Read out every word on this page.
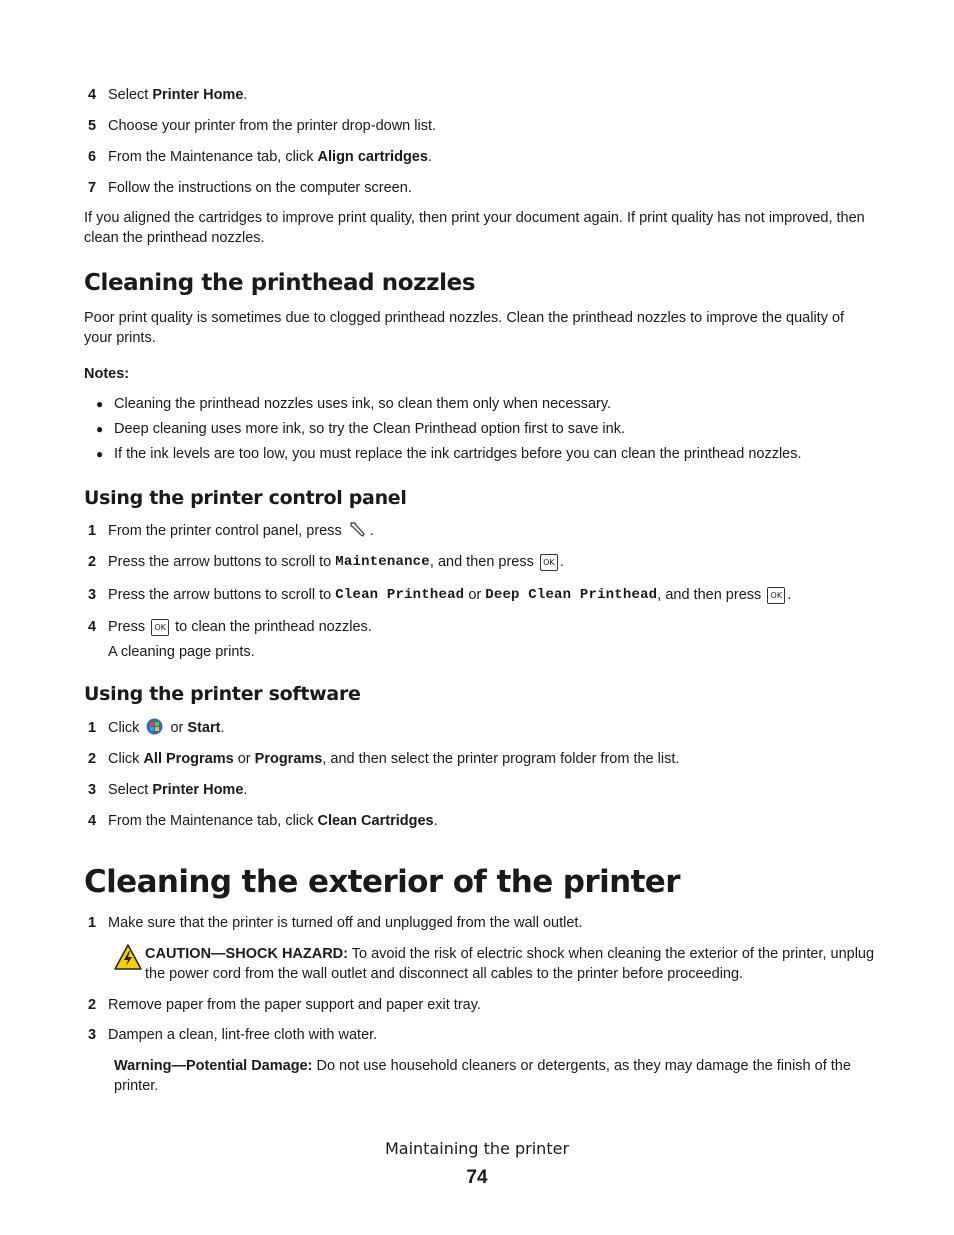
4 Select Printer Home .
5 Choose your printer from the printer drop-down list.
6 From the Maintenance tab, click Align cartridges .
7 Follow the instructions on the computer screen.
If you aligned the cartridges to improve print quality, then print your document again. If print quality has not improved, then clean the printhead nozzles.
Cleaning the printhead nozzles
Poor print quality is sometimes due to clogged printhead nozzles. Clean the printhead nozzles to improve the quality of your prints.
Notes:
● Cleaning the printhead nozzles uses ink, so clean them only when necessary.
● Deep cleaning uses more ink, so try the Clean Printhead option first to save ink.
● If the ink levels are too low, you must replace the ink cartridges before you can clean the printhead nozzles.
Using the printer control panel
1 From the printer control panel, press .
2 Press the arrow buttons to scroll to Maintenance , and then press OK .
3 Press the arrow buttons to scroll to Clean Printhead or Deep Clean Printhead , and then press OK .
4 Press OK to clean the printhead nozzles.
A cleaning page prints.
Using the printer software
1 Click or Start .
2 Click All Programs or Programs , and then select the printer program folder from the list.
3 Select Printer Home .
4 From the Maintenance tab, click Clean Cartridges .
Cleaning the exterior of the printer
1 Make sure that the printer is turned off and unplugged from the wall outlet.
CAUTION—SHOCK HAZARD: To avoid the risk of electric shock when cleaning the exterior of the printer, unplug the power cord from the wall outlet and disconnect all cables to the printer before proceeding.
2 Remove paper from the paper support and paper exit tray.
3 Dampen a clean, lint-free cloth with water.
Warning—Potential Damage: Do not use household cleaners or detergents, as they may damage the finish of the printer.
Maintaining the printer
74
